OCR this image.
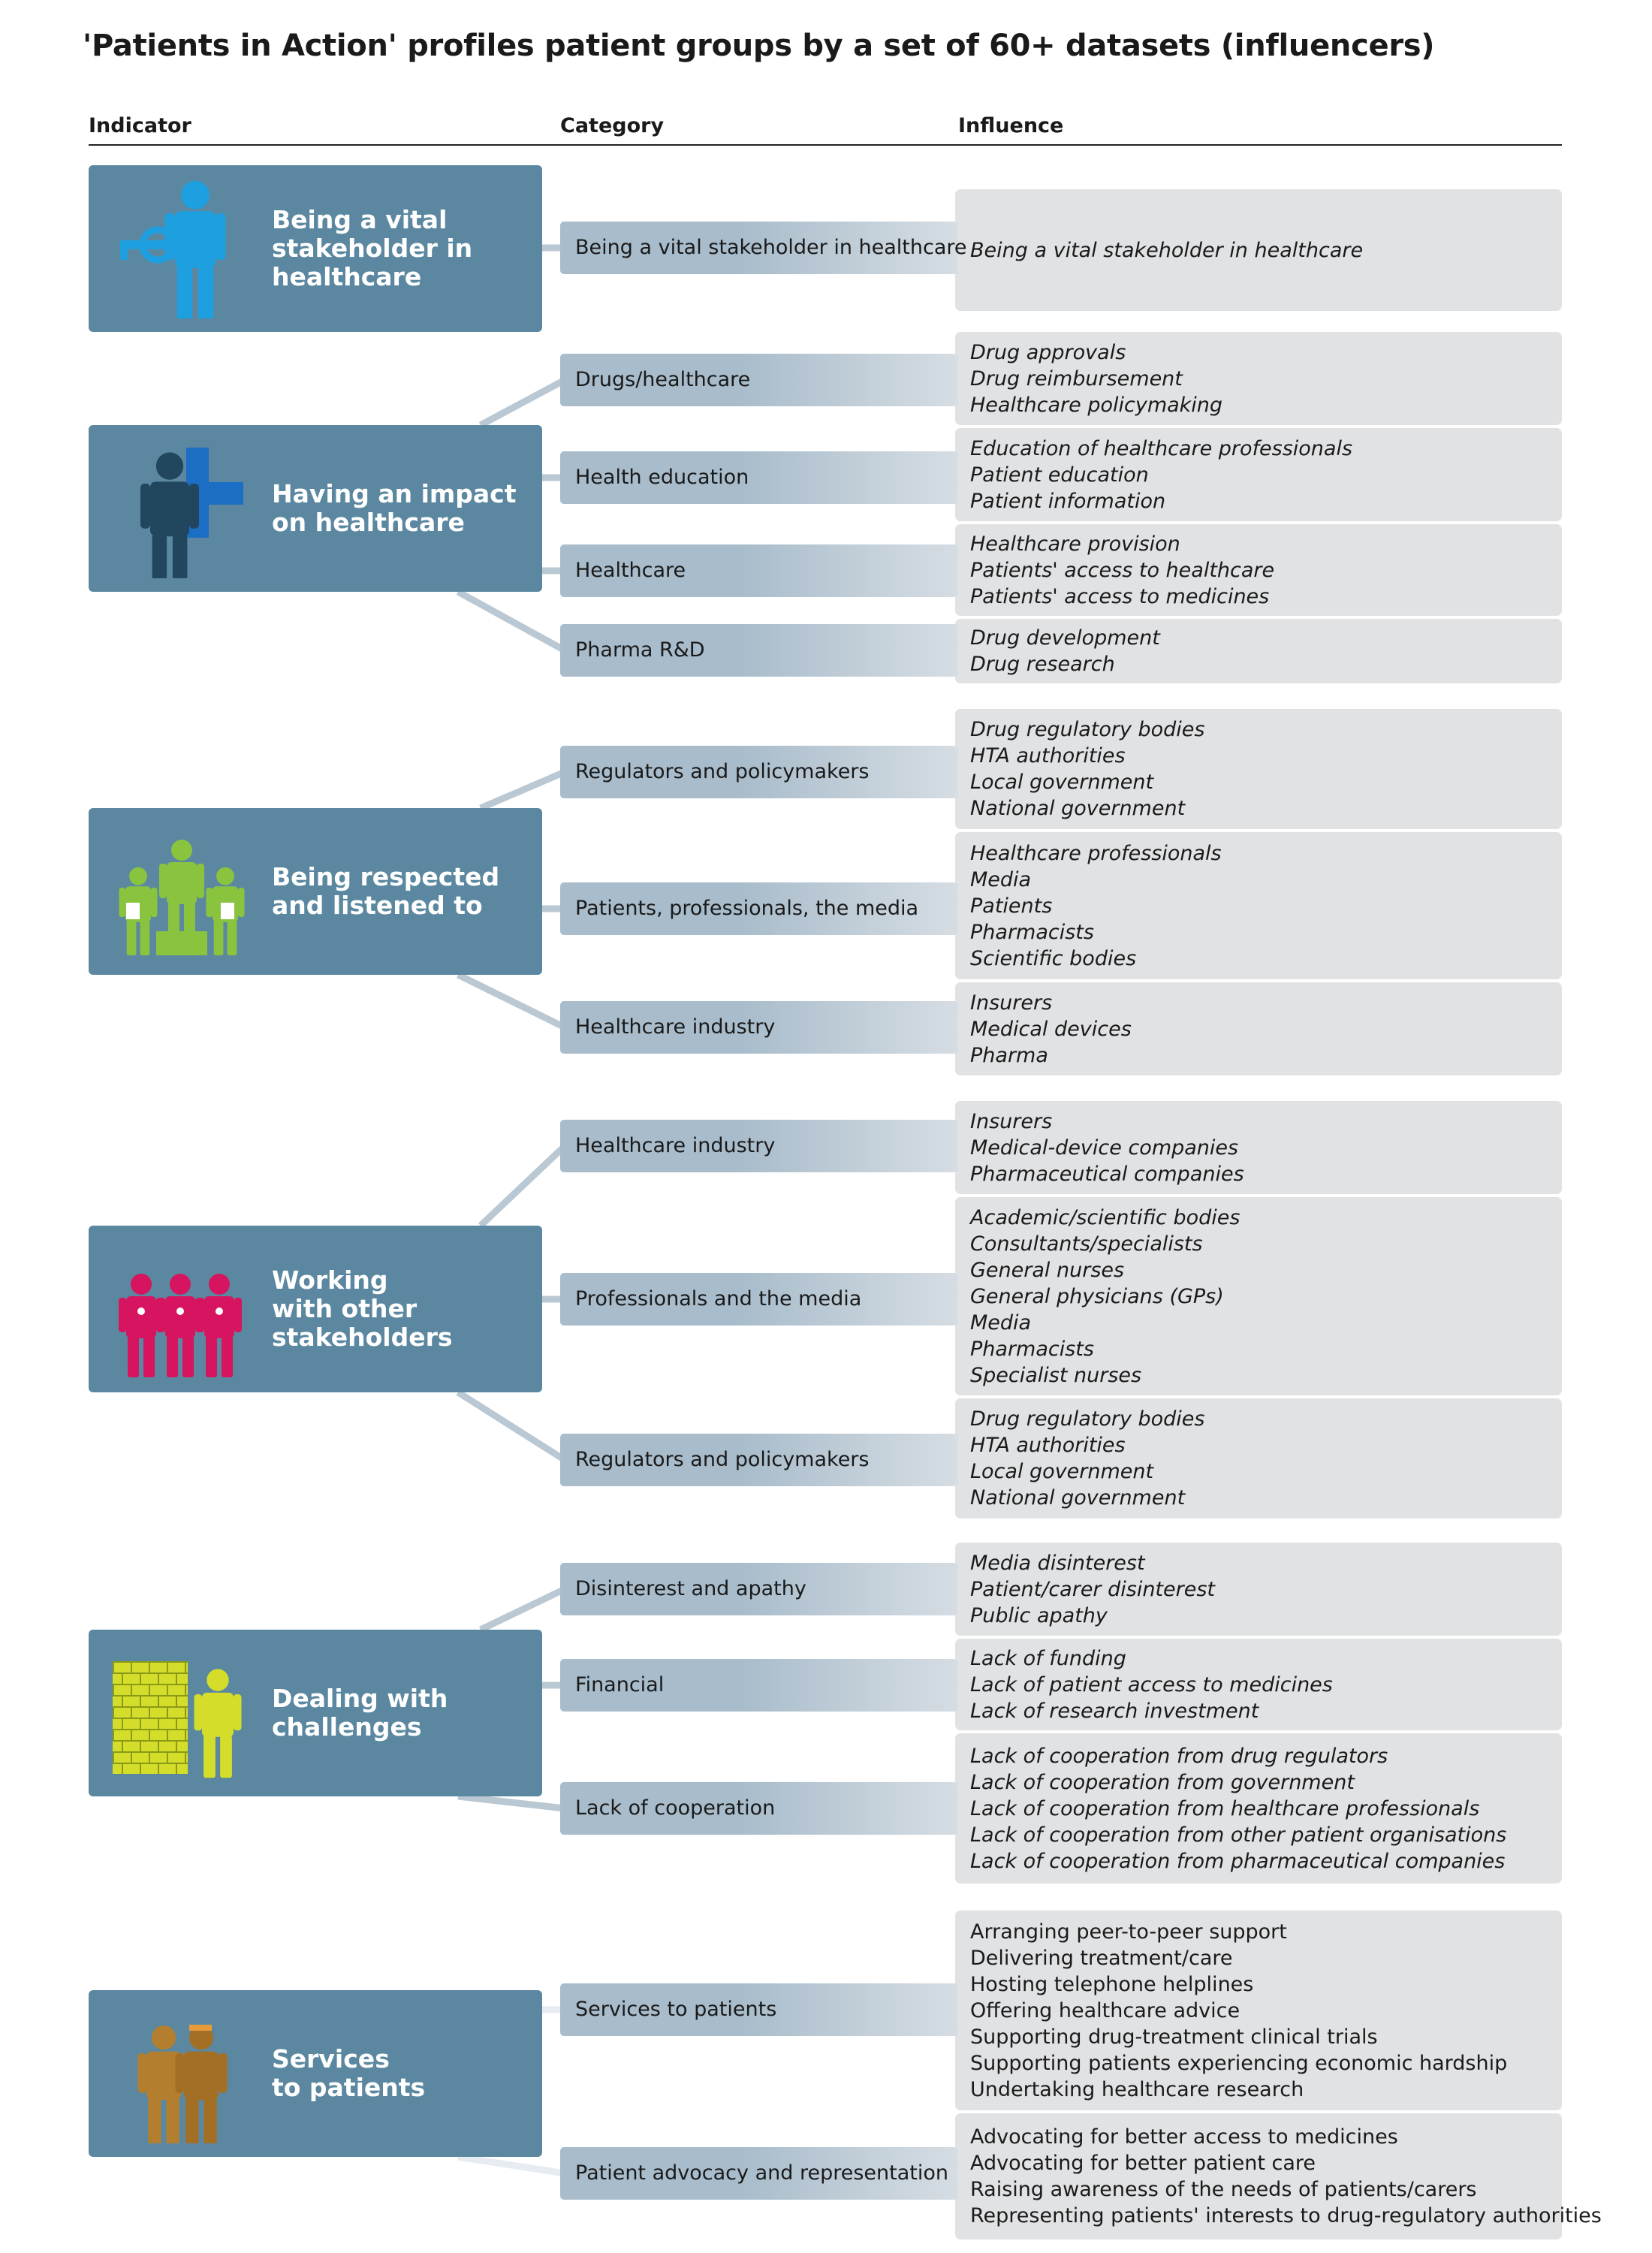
'Patients in Action' profiles patient groups by a set of 60+ datasets (influencers)
Indicator	Category	Influence
Being a vital
stakeholder in
healthcare
Being a vital stakeholder in healthcare
Being a vital stakeholder in healthcare
Having an impact
on healthcare
Drug approvals
Drug reimbursement
Healthcare policymaking
Drugs/healthcare
Education of healthcare professionals
Patient education
Patient information
Health education
Healthcare provision
Patients' access to healthcare
Patients' access to medicines
Healthcare
Drug development
Drug research
Pharma R&D
Being respected
and listened to
Drug regulatory bodies
HTA authorities
Local government
National government
Regulators and policymakers
Healthcare professionals
Media
Patients
Pharmacists
Scientific bodies
Patients, professionals, the media
Insurers
Medical devices
Pharma
Healthcare industry
Working
with other
stakeholders
Insurers
Medical-device companies
Pharmaceutical companies
Healthcare industry
Academic/scientific bodies
Consultants/specialists
General nurses
General physicians (GPs)
Media
Pharmacists
Specialist nurses
Professionals and the media
Drug regulatory bodies
HTA authorities
Local government
National government
Regulators and policymakers
Dealing with
challenges
Media disinterest
Patient/carer disinterest
Public apathy
Disinterest and apathy
Lack of funding
Lack of patient access to medicines
Lack of research investment
Financial
Lack of cooperation from drug regulators
Lack of cooperation from government
Lack of cooperation from healthcare professionals
Lack of cooperation from other patient organisations
Lack of cooperation from pharmaceutical companies
Lack of cooperation
Services
to patients
Arranging peer-to-peer support
Delivering treatment/care
Hosting telephone helplines
Offering healthcare advice
Supporting drug-treatment clinical trials
Supporting patients experiencing economic hardship
Undertaking healthcare research
Services to patients
Advocating for better access to medicines
Advocating for better patient care
Raising awareness of the needs of patients/carers
Representing patients' interests to drug-regulatory authorities
Patient advocacy and representation
